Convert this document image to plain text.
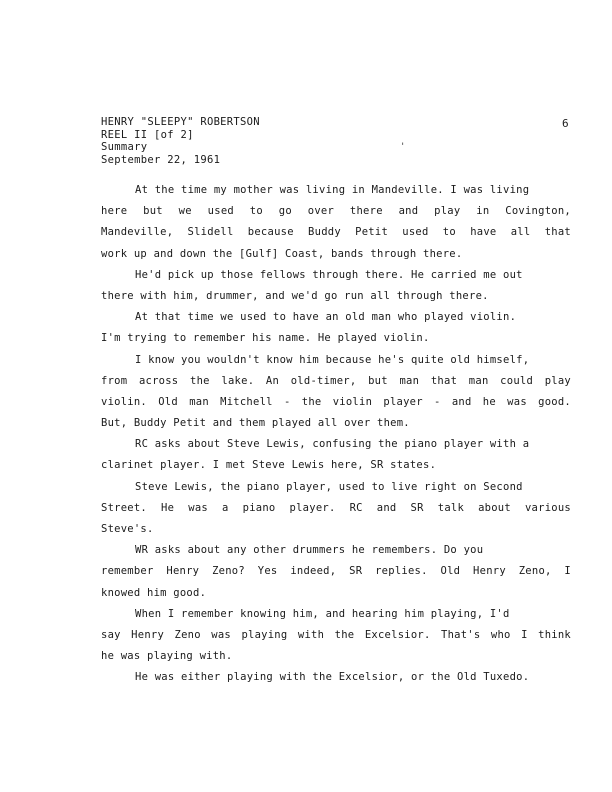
HENRY "SLEEPY" ROBERTSON
REEL II [of 2]
Summary
September 22, 1961
6
'
At the time my mother was living in Mandeville. I was living
here but we used to go over there and play in Covington,
Mandeville, Slidell because Buddy Petit used to have all that
work up and down the [Gulf] Coast, bands through there.
He'd pick up those fellows through there. He carried me out
there with him, drummer, and we'd go run all through there.
At that time we used to have an old man who played violin.
I'm trying to remember his name. He played violin.
I know you wouldn't know him because he's quite old himself,
from across the lake. An old-timer, but man that man could play
violin. Old man Mitchell - the violin player - and he was good.
But, Buddy Petit and them played all over them.
RC asks about Steve Lewis, confusing the piano player with a
clarinet player. I met Steve Lewis here, SR states.
Steve Lewis, the piano player, used to live right on Second
Street. He was a piano player. RC and SR talk about various
Steve's.
WR asks about any other drummers he remembers. Do you
remember Henry Zeno? Yes indeed, SR replies. Old Henry Zeno, I
knowed him good.
When I remember knowing him, and hearing him playing, I'd
say Henry Zeno was playing with the Excelsior. That's who I think
he was playing with.
He was either playing with the Excelsior, or the Old Tuxedo.
